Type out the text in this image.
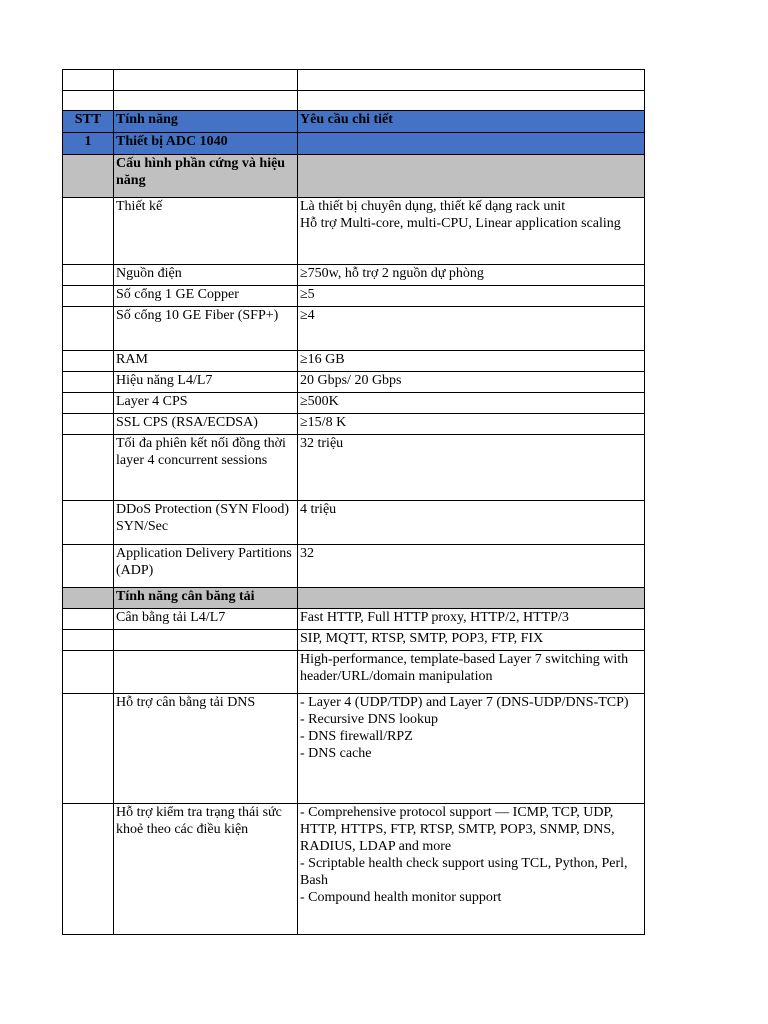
STT	Tính năng	Yêu cầu chi tiết
1	Thiết bị ADC 1040	
	Cấu hình phần cứng và hiệu năng	
	Thiết kế	Là thiết bị chuyên dụng, thiết kế dạng rack unit
Hỗ trợ Multi-core, multi-CPU, Linear application scaling
	Nguồn điện	≥750w, hỗ trợ 2 nguồn dự phòng
	Số cổng 1 GE Copper	≥5
	Số cổng 10 GE Fiber (SFP+)	≥4
	RAM	≥16 GB
	Hiệu năng L4/L7	20 Gbps/ 20 Gbps
	Layer 4 CPS	≥500K
	SSL CPS (RSA/ECDSA)	≥15/8 K
	Tối đa phiên kết nối đồng thời layer 4 concurrent sessions	32 triệu
	DDoS Protection (SYN Flood) SYN/Sec	4 triệu
	Application Delivery Partitions (ADP)	32
	Tính năng cân băng tải	
	Cân bằng tải L4/L7	Fast HTTP, Full HTTP proxy, HTTP/2, HTTP/3
		SIP, MQTT, RTSP, SMTP, POP3, FTP, FIX
		High-performance, template-based Layer 7 switching with header/URL/domain manipulation
	Hỗ trợ cân bằng tải DNS	- Layer 4 (UDP/TDP) and Layer 7 (DNS-UDP/DNS-TCP)
- Recursive DNS lookup
- DNS firewall/RPZ
- DNS cache
	Hỗ trợ kiểm tra trạng thái sức khoẻ theo các điều kiện	- Comprehensive protocol support — ICMP, TCP, UDP, HTTP, HTTPS, FTP, RTSP, SMTP, POP3, SNMP, DNS, RADIUS, LDAP and more
- Scriptable health check support using TCL, Python, Perl, Bash
- Compound health monitor support
